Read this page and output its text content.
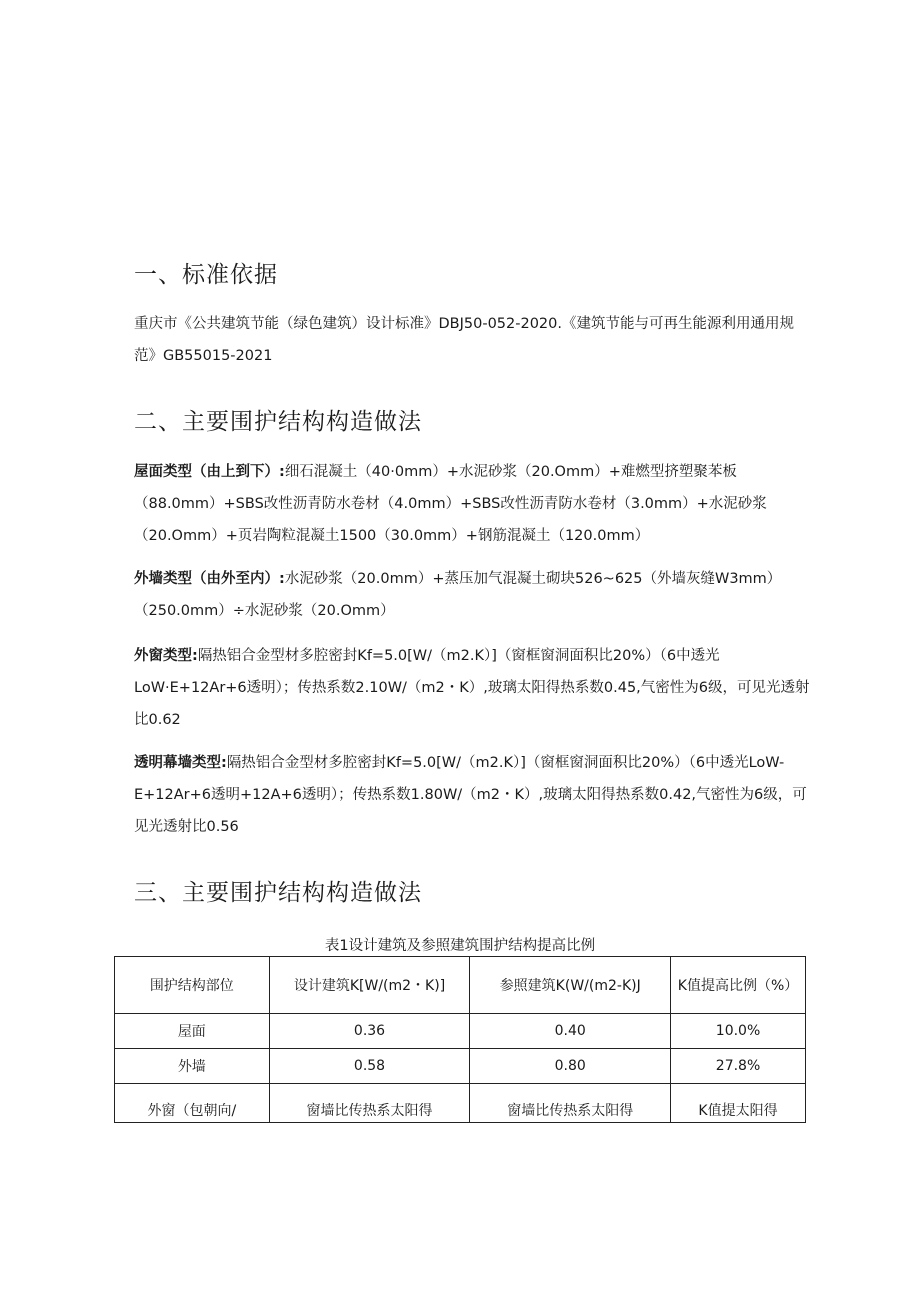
一、标准依据

重庆市《公共建筑节能（绿色建筑）设计标准》DBJ50-052-2020.《建筑节能与可再生能源利用通用规范》GB55015-2021

二、主要围护结构构造做法

屋面类型（由上到下）:细石混凝土（40·0mm）+水泥砂浆（20.Omm）+难燃型挤塑聚苯板（88.0mm）+SBS改性沥青防水卷材（4.0mm）+SBS改性沥青防水卷材（3.0mm）+水泥砂浆（20.Omm）+页岩陶粒混凝土1500（30.0mm）+钢筋混凝土（120.0mm）

外墙类型（由外至内）:水泥砂浆（20.0mm）+蒸压加气混凝土砌块526~625（外墙灰缝W3mm）（250.0mm）÷水泥砂浆（20.Omm）

外窗类型:隔热铝合金型材多腔密封Kf=5.0[W/（m2.K）]（窗框窗洞面积比20%）（6中透光LoW·E+12Ar+6透明）；传热系数2.10W/（m2・K）,玻璃太阳得热系数0.45,气密性为6级，可见光透射比0.62

透明幕墙类型:隔热铝合金型材多腔密封Kf=5.0[W/（m2.K）]（窗框窗洞面积比20%）（6中透光LoW-E+12Ar+6透明+12A+6透明）；传热系数1.80W/（m2・K）,玻璃太阳得热系数0.42,气密性为6级，可见光透射比0.56

三、主要围护结构构造做法
表1设计建筑及参照建筑围护结构提高比例
围护结构部位	设计建筑K[W/(m2・K)]	参照建筑K(W/(m2-K)J	K值提高比例（%）
屋面	0.36	0.40	10.0%
外墙	0.58	0.80	27.8%
外窗（包朝向/	窗墙比传热系太阳得	窗墙比传热系太阳得	K值提太阳得
